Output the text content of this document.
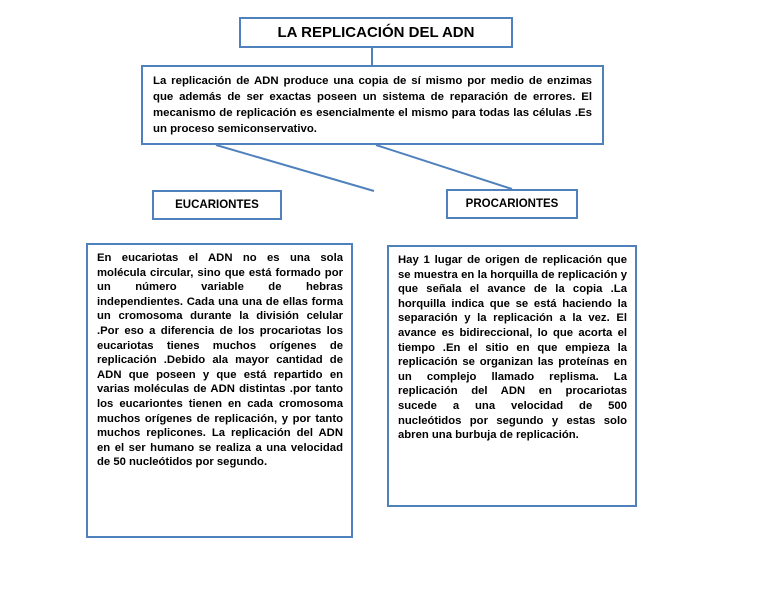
LA REPLICACIÓN DEL ADN
La replicación de ADN produce una copia de sí mismo por medio de enzimas que además de ser exactas poseen un sistema de reparación de errores. El mecanismo de replicación es esencialmente el mismo para todas las células .Es un proceso semiconservativo.
EUCARIONTES	PROCARIONTES
En eucariotas el ADN no es una sola molécula circular, sino que está formado por un número variable de hebras independientes. Cada una una de ellas forma un cromosoma durante la división celular .Por eso a diferencia de los procariotas los eucariotas tienes muchos orígenes de replicación .Debido ala mayor cantidad de ADN que poseen y que está repartido en varias moléculas de ADN distintas .por tanto los eucariontes tienen en cada cromosoma muchos orígenes de replicación, y por tanto muchos replicones. La replicación del ADN en el ser humano se realiza a una velocidad de 50 nucleótidos por segundo.
Hay 1 lugar de origen de replicación que se muestra en la horquilla de replicación y que señala el avance de la copia .La horquilla indica que se está haciendo la separación y la replicación a la vez. El avance es bidireccional, lo que acorta el tiempo .En el sitio en que empieza la replicación se organizan las proteínas en un complejo llamado replisma. La replicación del ADN en procariotas sucede a una velocidad de 500 nucleótidos por segundo y estas solo abren una burbuja de replicación.
